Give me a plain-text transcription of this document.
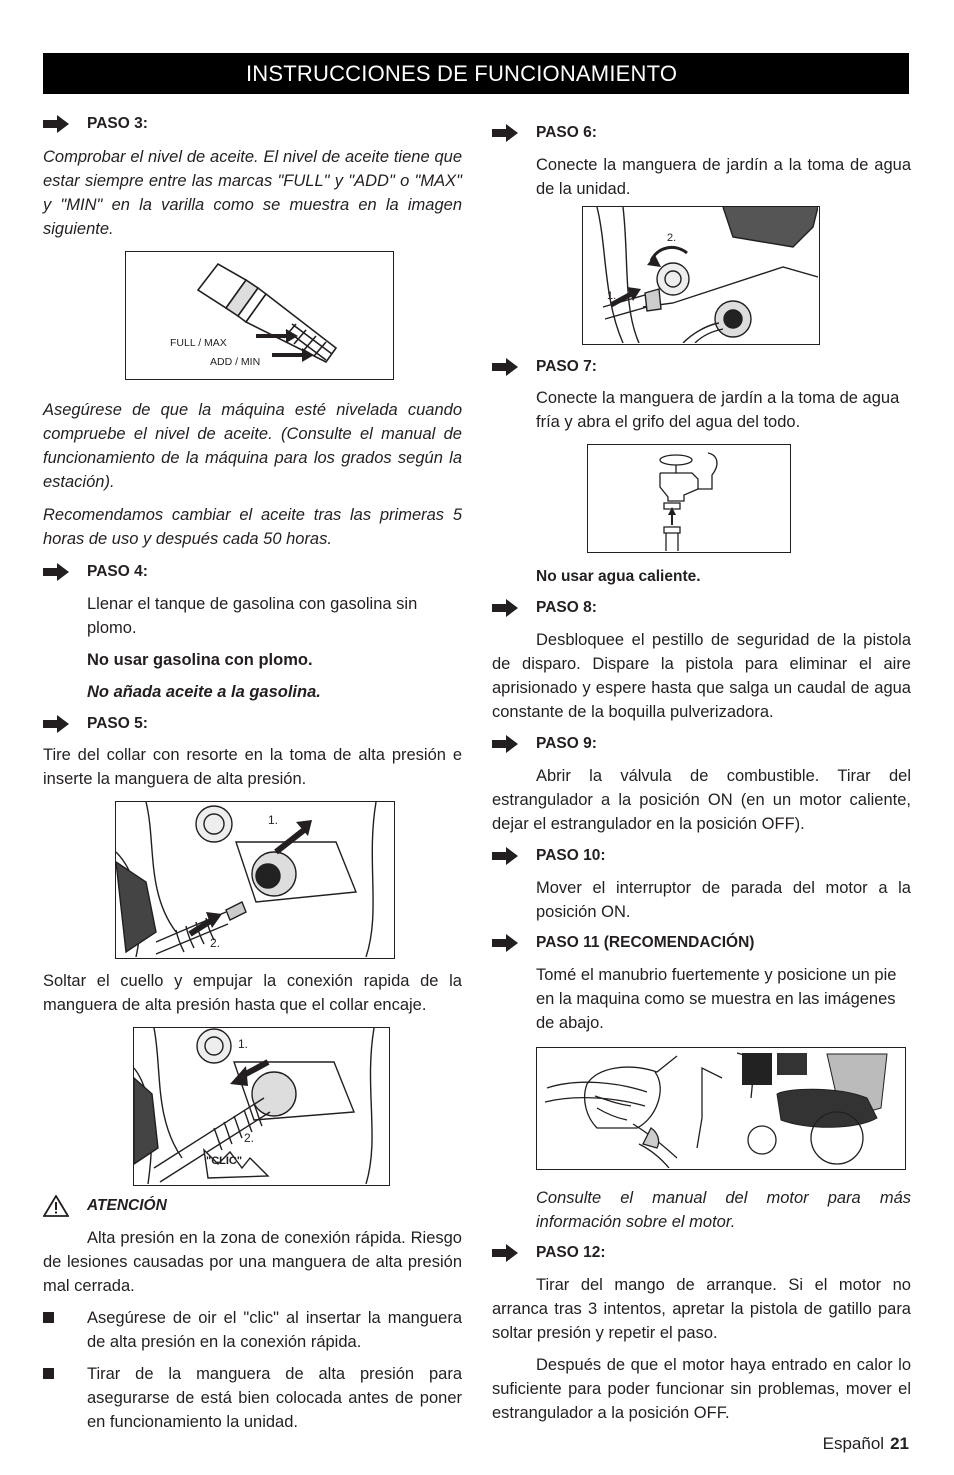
INSTRUCCIONES DE FUNCIONAMIENTO
PASO 3:

Comprobar el nivel de aceite. El nivel de aceite tiene que estar siempre entre las marcas "FULL" y "ADD" o "MAX" y "MIN" en la varilla como se muestra en la imagen siguiente.

FULL / MAX
ADD / MIN

Asegúrese de que la máquina esté nivelada cuando compruebe el nivel de aceite. (Consulte el manual de funcionamiento de la máquina para los grados según la estación).

Recomendamos cambiar el aceite tras las primeras 5 horas de uso y después cada 50 horas.

PASO 4:

Llenar el tanque de gasolina con gasolina sin plomo.

No usar gasolina con plomo.

No añada aceite a la gasolina.

PASO 5:

Tire del collar con resorte en la toma de alta presión e inserte la manguera de alta presión.

1.
2.

Soltar el cuello y empujar la conexión rapida de la manguera de alta presión hasta que el collar encaje.

1.
2.
"CLIC"
ATENCIÓN

Alta presión en la zona de conexión rápida. Riesgo de lesiones causadas por una manguera de alta presión mal cerrada.

Asegúrese de oir el "clic" al insertar la manguera de alta presión en la conexión rápida.
Tirar de la manguera de alta presión para asegurarse de está bien colocada antes de poner en funcionamiento la unidad.
PASO 6:

Conecte la manguera de jardín a la toma de agua de la unidad.

1.
2.
PASO 7:

Conecte la manguera de jardín a la toma de agua fría y abra el grifo del agua del todo.

No usar agua caliente.

PASO 8:

Desbloquee el pestillo de seguridad de la pistola de disparo. Dispare la pistola para eliminar el aire aprisionado y espere hasta que salga un caudal de agua constante de la boquilla pulverizadora.

PASO 9:

Abrir la válvula de combustible. Tirar del estrangulador a la posición ON (en un motor caliente, dejar el estrangulador en la posición OFF).

PASO 10:

Mover el interruptor de parada del motor a la posición ON.

PASO 11 (RECOMENDACIÓN)

Tomé el manubrio fuertemente y posicione un pie en la maquina como se muestra en las imágenes de abajo.

Consulte el manual del motor para más información sobre el motor.

PASO 12:

Tirar del mango de arranque. Si el motor no arranca tras 3 intentos, apretar la pistola de gatillo para soltar presión y repetir el paso.

Después de que el motor haya entrado en calor lo suficiente para poder funcionar sin problemas, mover el estrangulador a la posición OFF.

Español 21
